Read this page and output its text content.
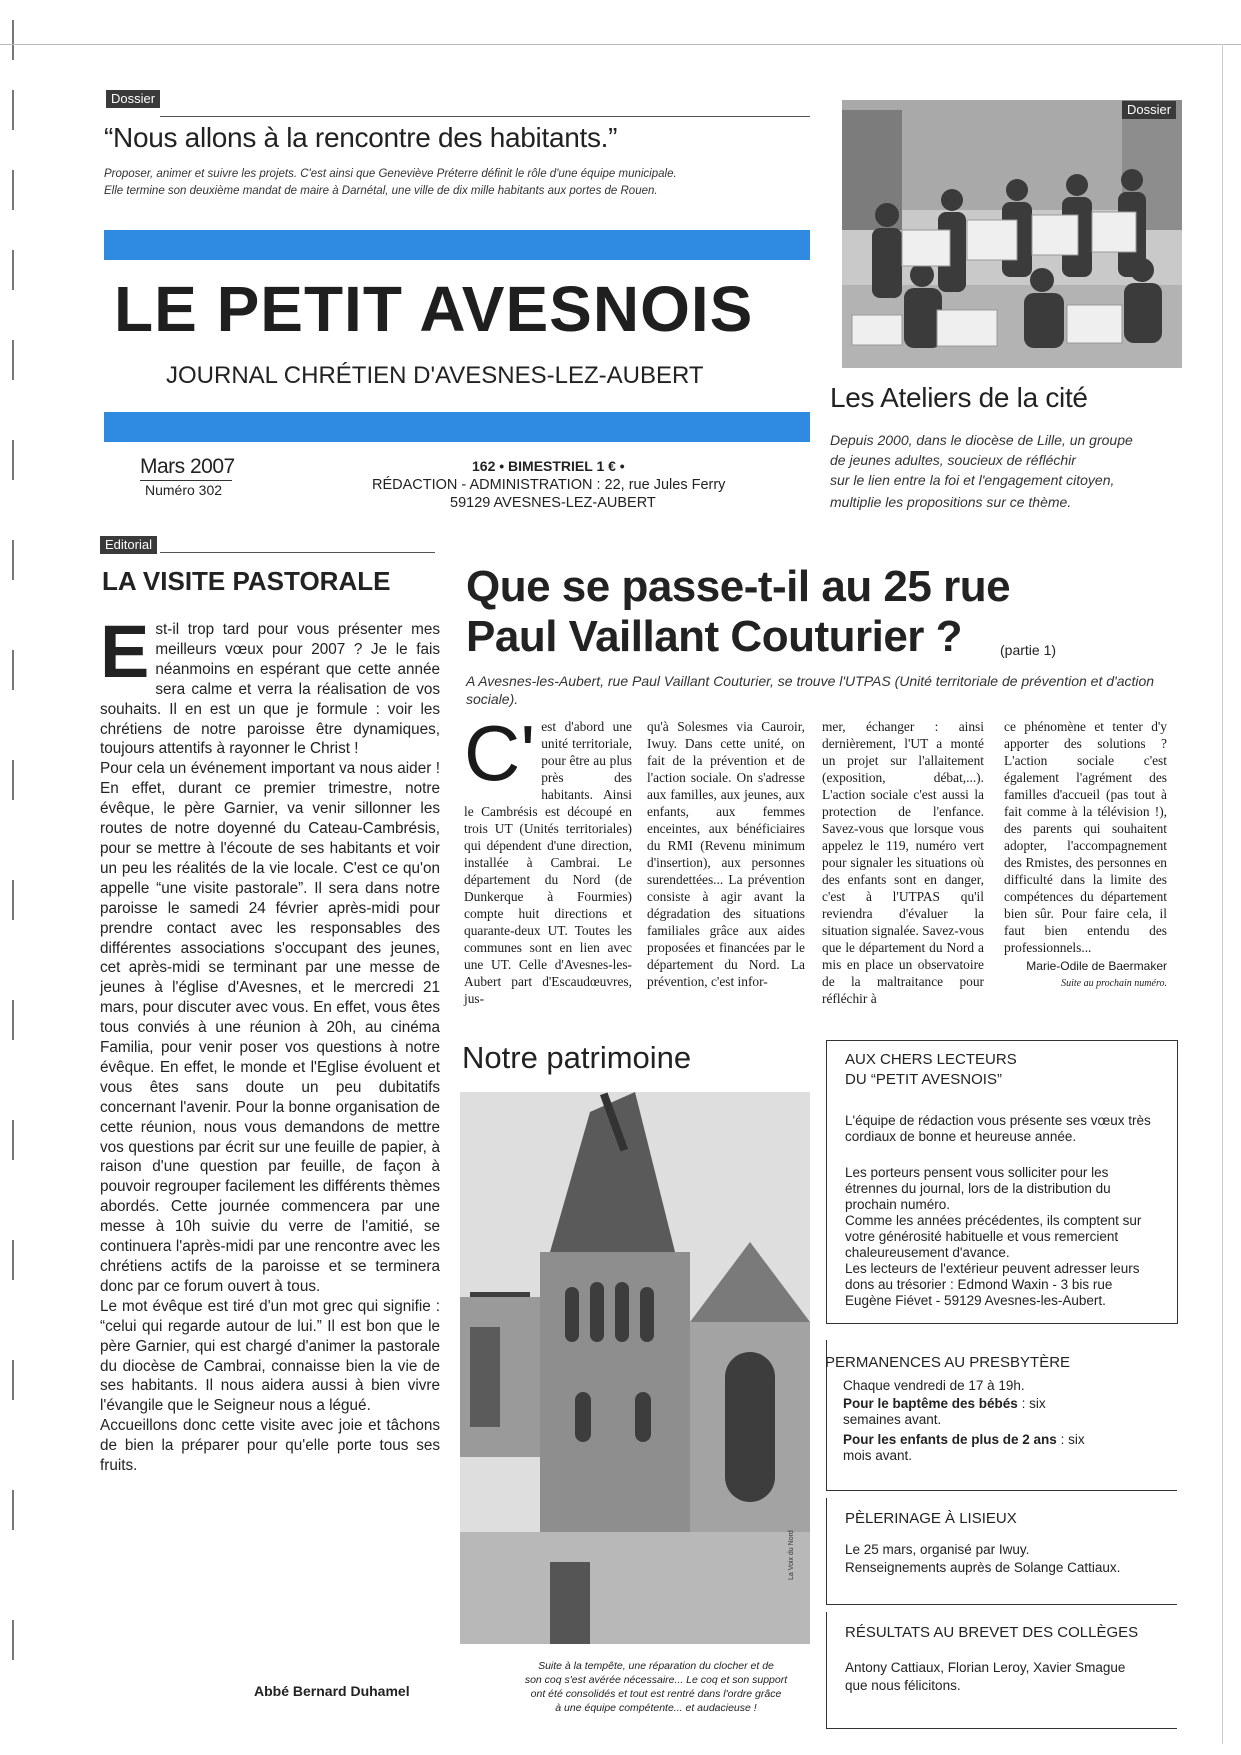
Dossier
“Nous allons à la rencontre des habitants.”
Proposer, animer et suivre les projets. C'est ainsi que Geneviève Préterre définit le rôle d'une équipe municipale.
Elle termine son deuxième mandat de maire à Darnétal, une ville de dix mille habitants aux portes de Rouen.
LE PETIT AVESNOIS
JOURNAL CHRÉTIEN D'AVESNES-LEZ-AUBERT
Mars 2007
Numéro 302
162 • BIMESTRIEL 1 € •
RÉDACTION - ADMINISTRATION : 22, rue Jules Ferry
59129 AVESNES-LEZ-AUBERT
Dossier
Les Ateliers de la cité
Depuis 2000, dans le diocèse de Lille, un groupe
de jeunes adultes, soucieux de réfléchir
sur le lien entre la foi et l'engagement citoyen,
multiplie les propositions sur ce thème.
Editorial
LA VISITE PASTORALE

Est-il trop tard pour vous présenter mes meilleurs vœux pour 2007 ? Je le fais néanmoins en espérant que cette année sera calme et verra la réalisation de vos souhaits. Il en est un que je formule : voir les chrétiens de notre paroisse être dynamiques, toujours attentifs à rayonner le Christ !

Pour cela un événement important va nous aider ! En effet, durant ce premier trimestre, notre évêque, le père Garnier, va venir sillonner les routes de notre doyenné du Cateau-Cambrésis, pour se mettre à l'écoute de ses habitants et voir un peu les réalités de la vie locale. C'est ce qu'on appelle “une visite pastorale”. Il sera dans notre paroisse le samedi 24 février après-midi pour prendre contact avec les responsables des différentes associations s'occupant des jeunes, cet après-midi se terminant par une messe de jeunes à l'église d'Avesnes, et le mercredi 21 mars, pour discuter avec vous. En effet, vous êtes tous conviés à une réunion à 20h, au cinéma Familia, pour venir poser vos questions à notre évêque. En effet, le monde et l'Eglise évoluent et vous êtes sans doute un peu dubitatifs concernant l'avenir. Pour la bonne organisation de cette réunion, nous vous demandons de mettre vos questions par écrit sur une feuille de papier, à raison d'une question par feuille, de façon à pouvoir regrouper facilement les différents thèmes abordés. Cette journée commencera par une messe à 10h suivie du verre de l'amitié, se continuera l'après-midi par une rencontre avec les chrétiens actifs de la paroisse et se terminera donc par ce forum ouvert à tous.

Le mot évêque est tiré d'un mot grec qui signifie : “celui qui regarde autour de lui.” Il est bon que le père Garnier, qui est chargé d'animer la pastorale du diocèse de Cambrai, connaisse bien la vie de ses habitants. Il nous aidera aussi à bien vivre l'évangile que le Seigneur nous a légué.

Accueillons donc cette visite avec joie et tâchons de bien la préparer pour qu'elle porte tous ses fruits.

Abbé Bernard Duhamel
Que se passe-t-il au 25 rue
Paul Vaillant Couturier ?	(partie 1)
A Avesnes-les-Aubert, rue Paul Vaillant Couturier, se trouve l'UTPAS (Unité territoriale de prévention et d'action sociale).

C' est d'abord une unité territoriale, pour être au plus près des habitants. Ainsi le Cambrésis est découpé en trois UT (Unités territoriales) qui dépendent d'une direction, installée à Cambrai. Le département du Nord (de Dunkerque à Fourmies) compte huit directions et quarante-deux UT. Toutes les communes sont en lien avec une UT. Celle d'Avesnes-les-Aubert part d'Escaudœuvres, jus-

qu'à Solesmes via Cauroir, Iwuy. Dans cette unité, on fait de la prévention et de l'action sociale. On s'adresse aux familles, aux jeunes, aux enfants, aux femmes enceintes, aux bénéficiaires du RMI (Revenu minimum d'insertion), aux personnes surendettées... La prévention consiste à agir avant la dégradation des situations familiales grâce aux aides proposées et financées par le département du Nord. La prévention, c'est infor-

mer, échanger : ainsi dernièrement, l'UT a monté un projet sur l'allaitement (exposition, débat,...). L'action sociale c'est aussi la protection de l'enfance. Savez-vous que lorsque vous appelez le 119, numéro vert pour signaler les situations où des enfants sont en danger, c'est à l'UTPAS qu'il reviendra d'évaluer la situation signalée. Savez-vous que le département du Nord a mis en place un observatoire de la maltraitance pour réfléchir à

ce phénomène et tenter d'y apporter des solutions ? L'action sociale c'est également l'agrément des familles d'accueil (pas tout à fait comme à la télévision !), des parents qui souhaitent adopter, l'accompagnement des Rmistes, des personnes en difficulté dans la limite des compétences du département bien sûr. Pour faire cela, il faut bien entendu des professionnels...

Marie-Odile de Baermaker

Suite au prochain numéro.

Notre patrimoine
La Voix du Nord
Suite à la tempête, une réparation du clocher et de
son coq s'est avérée nécessaire... Le coq et son support
ont été consolidés et tout est rentré dans l'ordre grâce
à une équipe compétente... et audacieuse !
AUX CHERS LECTEURS
DU “PETIT AVESNOIS”
L'équipe de rédaction vous présente ses vœux très cordiaux de bonne et heureuse année.
Les porteurs pensent vous solliciter pour les étrennes du journal, lors de la distribution du prochain numéro.
Comme les années précédentes, ils comptent sur votre générosité habituelle et vous remercient chaleureusement d'avance.
Les lecteurs de l'extérieur peuvent adresser leurs dons au trésorier : Edmond Waxin - 3 bis rue Eugène Fiévet - 59129 Avesnes-les-Aubert.
PERMANENCES AU PRESBYTÈRE
Chaque vendredi de 17 à 19h.
Pour le baptême des bébés : six semaines avant.
Pour les enfants de plus de 2 ans : six mois avant.
PÈLERINAGE À LISIEUX
Le 25 mars, organisé par Iwuy.
Renseignements auprès de Solange Cattiaux.
RÉSULTATS AU BREVET DES COLLÈGES
Antony Cattiaux, Florian Leroy, Xavier Smague
que nous félicitons.
